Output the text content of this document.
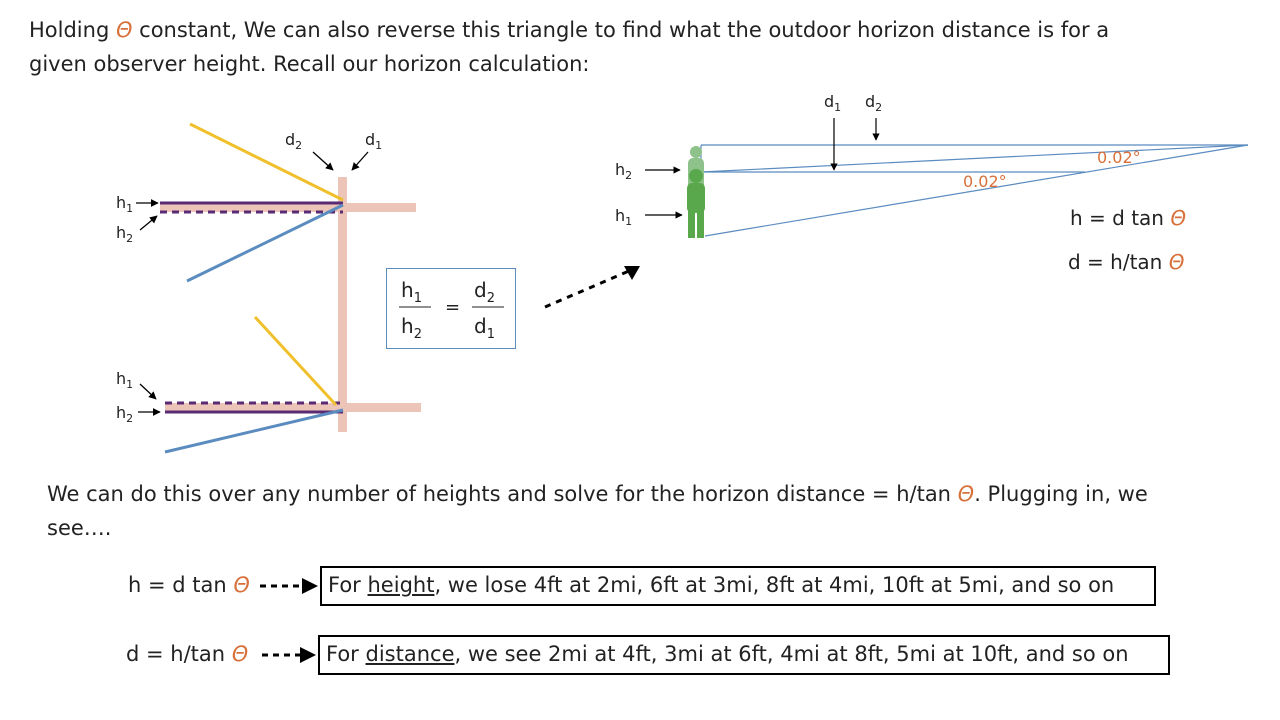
Holding Θ constant, We can also reverse this triangle to find what the outdoor horizon distance is for a
given observer height. Recall our horizon calculation:
$d_2$	$d_1$
$h_1$
$h_2$
$h_1$
$h_2$
$d_1$ $d_2$
$h_2$
$h_1$
0.02°
0.02°
$h_1$
$h_2$
=
$d_2$
$d_1$
h = d tan Θ
d = h/tan Θ
We can do this over any number of heights and solve for the horizon distance = h/tan Θ. Plugging in, we
see….
h = d tan Θ	For height, we lose 4ft at 2mi, 6ft at 3mi, 8ft at 4mi, 10ft at 5mi, and so on
d = h/tan Θ	For distance, we see 2mi at 4ft, 3mi at 6ft, 4mi at 8ft, 5mi at 10ft, and so on
